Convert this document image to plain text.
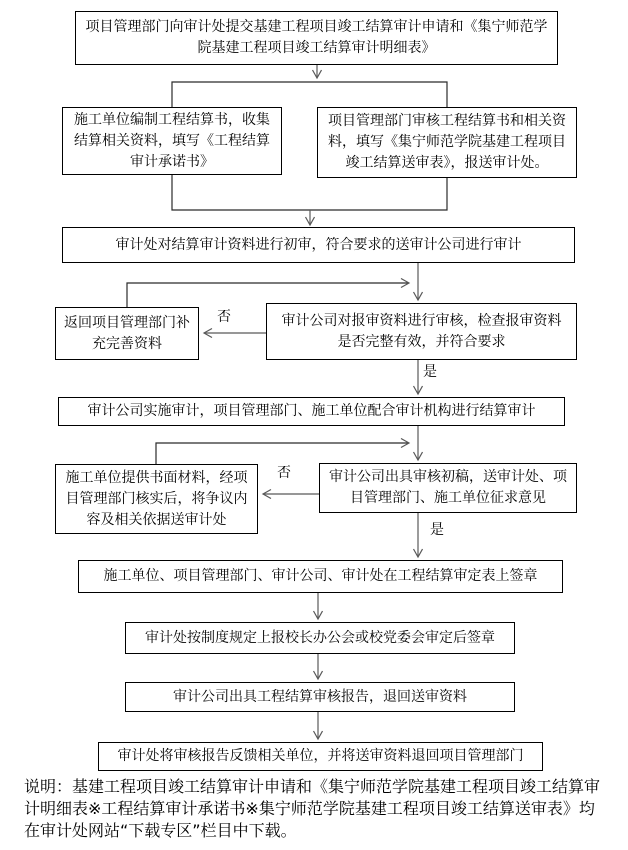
项目管理部门向审计处提交基建工程项目竣工结算审计申请和《集宁师范学院基建工程项目竣工结算审计明细表》
施工单位编制工程结算书，收集结算相关资料，填写《工程结算审计承诺书》
项目管理部门审核工程结算书和相关资料，填写《集宁师范学院基建工程项目竣工结算送审表》，报送审计处。
审计处对结算审计资料进行初审，符合要求的送审计公司进行审计
返回项目管理部门补充完善资料
审计公司对报审资料进行审核，检查报审资料是否完整有效，并符合要求
审计公司实施审计，项目管理部门、施工单位配合审计机构进行结算审计
施工单位提供书面材料，经项目管理部门核实后，将争议内容及相关依据送审计处
审计公司出具审核初稿，送审计处、项目管理部门、施工单位征求意见
施工单位、项目管理部门、审计公司、审计处在工程结算审定表上签章
审计处按制度规定上报校长办公会或校党委会审定后签章
审计公司出具工程结算审核报告，退回送审资料
审计处将审核报告反馈相关单位，并将送审资料退回项目管理部门
否
是
否
是

说明：基建工程项目竣工结算审计申请和《集宁师范学院基建工程项目竣工结算审计明细表※工程结算审计承诺书※集宁师范学院基建工程项目竣工结算送审表》均在审计处网站“下载专区”栏目中下载。
